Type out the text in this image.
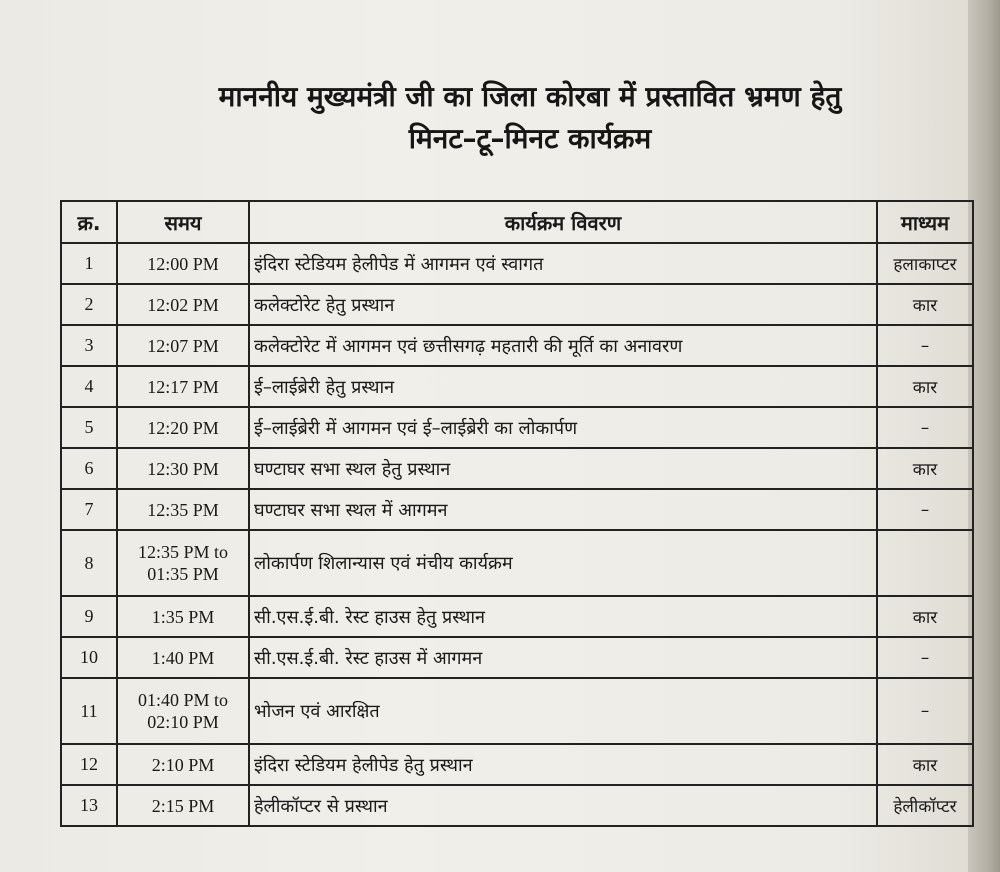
माननीय मुख्यमंत्री जी का जिला कोरबा में प्रस्तावित भ्रमण हेतु
मिनट–टू–मिनट कार्यक्रम
क्र.	समय	कार्यक्रम विवरण	माध्यम
1	12:00 PM	इंदिरा स्टेडियम हेलीपेड में आगमन एवं स्वागत	हलाकाप्टर
2	12:02 PM	कलेक्टोरेट हेतु प्रस्थान	कार
3	12:07 PM	कलेक्टोरेट में आगमन एवं छत्तीसगढ़ महतारी की मूर्ति का अनावरण	–
4	12:17 PM	ई–लाईब्रेरी हेतु प्रस्थान	कार
5	12:20 PM	ई–लाईब्रेरी में आगमन एवं ई–लाईब्रेरी का लोकार्पण	–
6	12:30 PM	घण्टाघर सभा स्थल हेतु प्रस्थान	कार
7	12:35 PM	घण्टाघर सभा स्थल में आगमन	–
8	12:35 PM to
01:35 PM	लोकार्पण शिलान्यास एवं मंचीय कार्यक्रम	
9	1:35 PM	सी.एस.ई.बी. रेस्ट हाउस हेतु प्रस्थान	कार
10	1:40 PM	सी.एस.ई.बी. रेस्ट हाउस में आगमन	–
11	01:40 PM to
02:10 PM	भोजन एवं आरक्षित	–
12	2:10 PM	इंदिरा स्टेडियम हेलीपेड हेतु प्रस्थान	कार
13	2:15 PM	हेलीकॉप्टर से प्रस्थान	हेलीकॉप्टर
